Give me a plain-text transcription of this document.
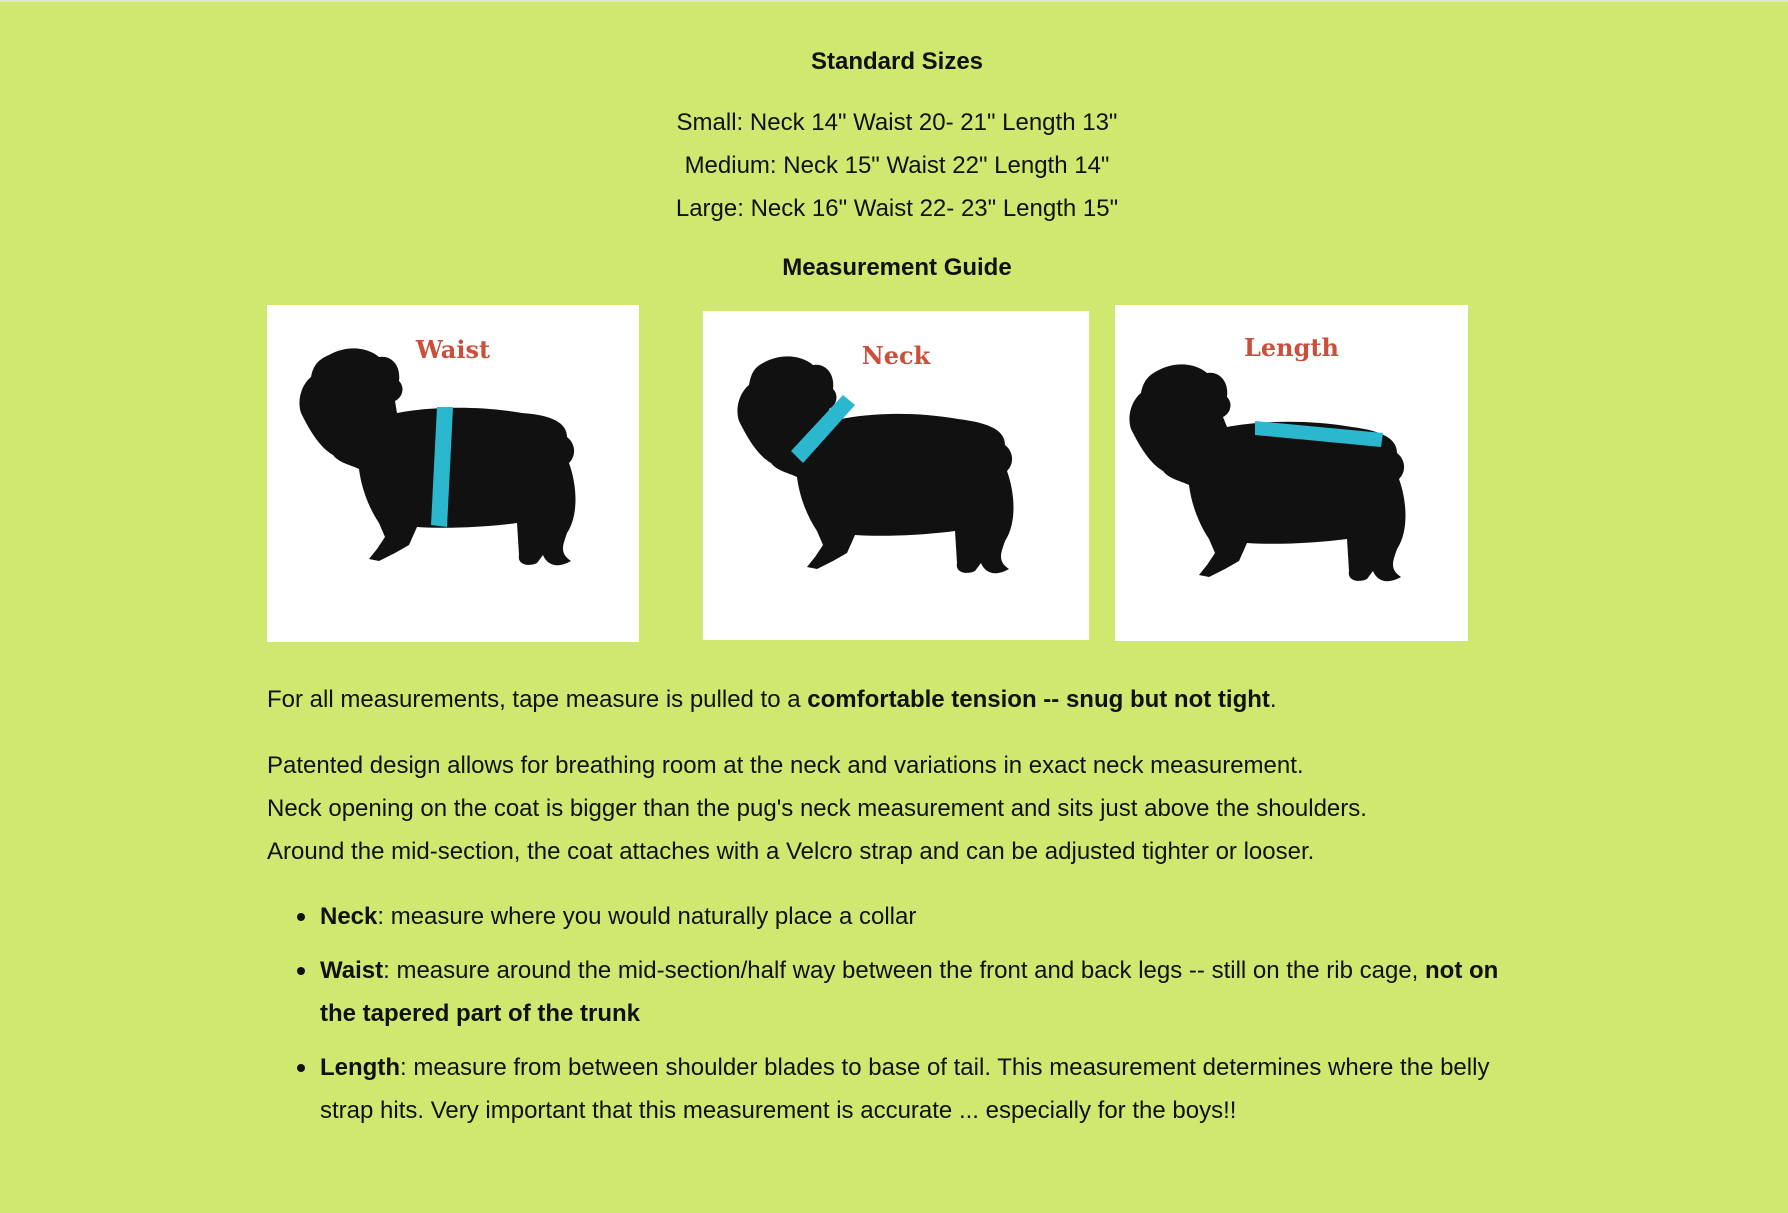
Standard Sizes
Small: Neck 14" Waist 20- 21" Length 13"
Medium: Neck 15" Waist 22" Length 14"
Large: Neck 16" Waist 22- 23" Length 15"
Measurement Guide
Waist	Neck	Length
For all measurements, tape measure is pulled to a comfortable tension -- snug but not tight.
Patented design allows for breathing room at the neck and variations in exact neck measurement.
Neck opening on the coat is bigger than the pug's neck measurement and sits just above the shoulders.
Around the mid-section, the coat attaches with a Velcro strap and can be adjusted tighter or looser.
Neck: measure where you would naturally place a collar
Waist: measure around the mid-section/half way between the front and back legs -- still on the rib cage, not on the tapered part of the trunk
Length: measure from between shoulder blades to base of tail. This measurement determines where the belly strap hits. Very important that this measurement is accurate ... especially for the boys!!
